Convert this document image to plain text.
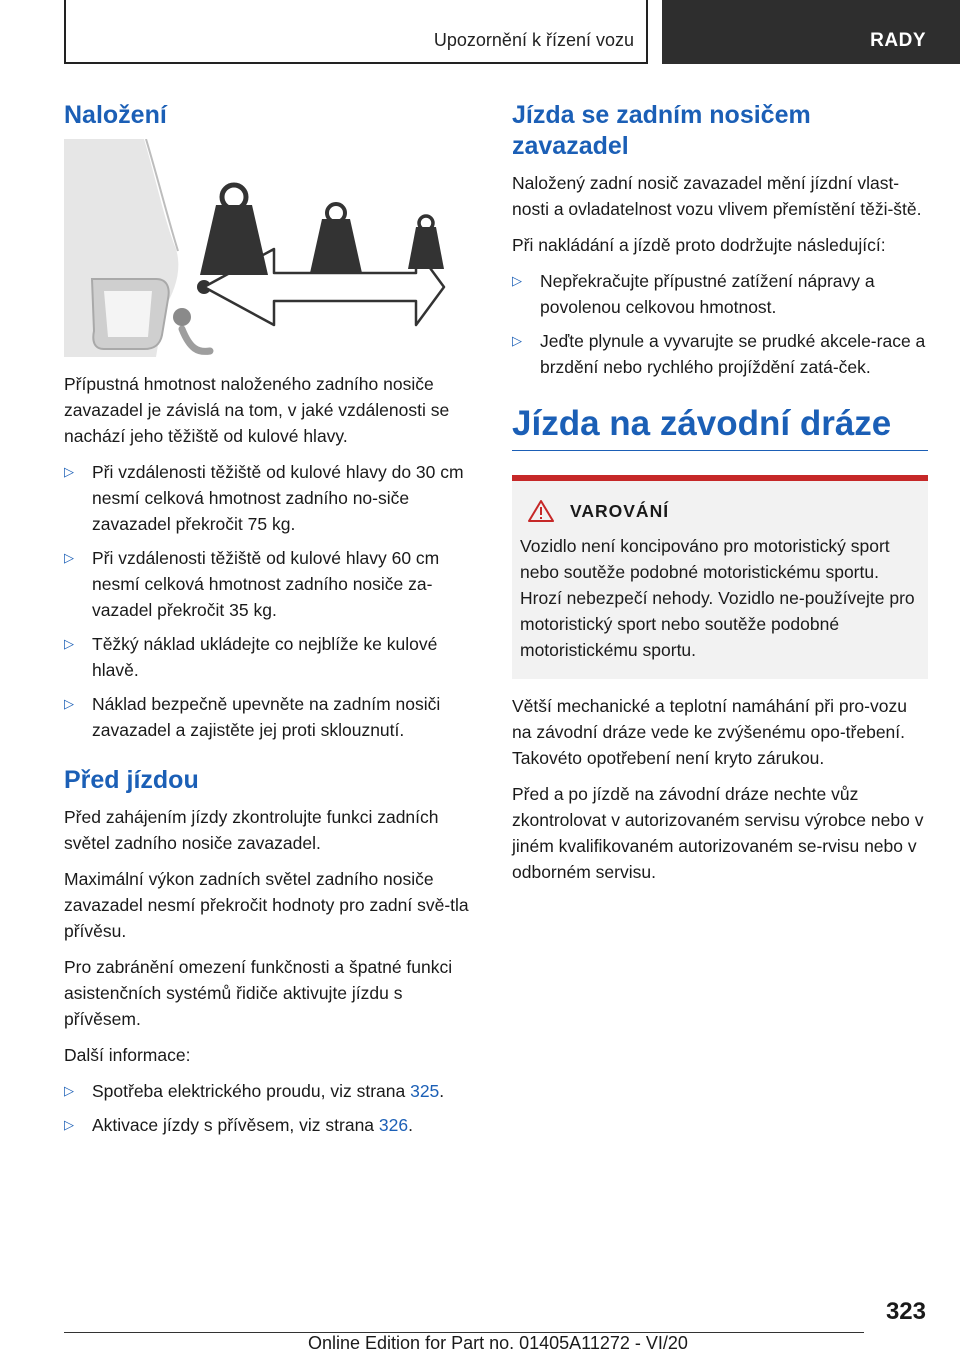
Upozornění k řízení vozu	RADY
Naložení

Přípustná hmotnost naloženého zadního nosiče zavazadel je závislá na tom, v jaké vzdálenosti se nachází jeho těžiště od kulové hlavy.

▷ Při vzdálenosti těžiště od kulové hlavy do 30 cm nesmí celková hmotnost zadního no-siče zavazadel překročit 75 kg.
▷ Při vzdálenosti těžiště od kulové hlavy 60 cm nesmí celková hmotnost zadního nosiče za-vazadel překročit 35 kg.
▷ Těžký náklad ukládejte co nejblíže ke kulové hlavě.
▷ Náklad bezpečně upevněte na zadním nosiči zavazadel a zajistěte jej proti sklouznutí.
Před jízdou

Před zahájením jízdy zkontrolujte funkci zadních světel zadního nosiče zavazadel.

Maximální výkon zadních světel zadního nosiče zavazadel nesmí překročit hodnoty pro zadní svě-tla přívěsu.

Pro zabránění omezení funkčnosti a špatné funkci asistenčních systémů řidiče aktivujte jízdu s přívěsem.

Další informace:

▷ Spotřeba elektrického proudu, viz strana 325.
▷ Aktivace jízdy s přívěsem, viz strana 326.
Jízda se zadním nosičem zavazadel

Naložený zadní nosič zavazadel mění jízdní vlast-nosti a ovladatelnost vozu vlivem přemístění těži-ště.

Při nakládání a jízdě proto dodržujte následující:

▷ Nepřekračujte přípustné zatížení nápravy a povolenou celkovou hmotnost.
▷ Jeďte plynule a vyvarujte se prudké akcele-race a brzdění nebo rychlého projíždění zatá-ček.
Jízda na závodní dráze
VAROVÁNÍ

Vozidlo není koncipováno pro motoristický sport nebo soutěže podobné motoristickému sportu. Hrozí nebezpečí nehody. Vozidlo ne-používejte pro motoristický sport nebo soutěže podobné motoristickému sportu.

Větší mechanické a teplotní namáhání při pro-vozu na závodní dráze vede ke zvýšenému opo-třebení. Takovéto opotřebení není kryto zárukou.

Před a po jízdě na závodní dráze nechte vůz zkontrolovat v autorizovaném servisu výrobce nebo v jiném kvalifikovaném autorizovaném se-rvisu nebo v odborném servisu.

323
Online Edition for Part no. 01405A11272 - VI/20
